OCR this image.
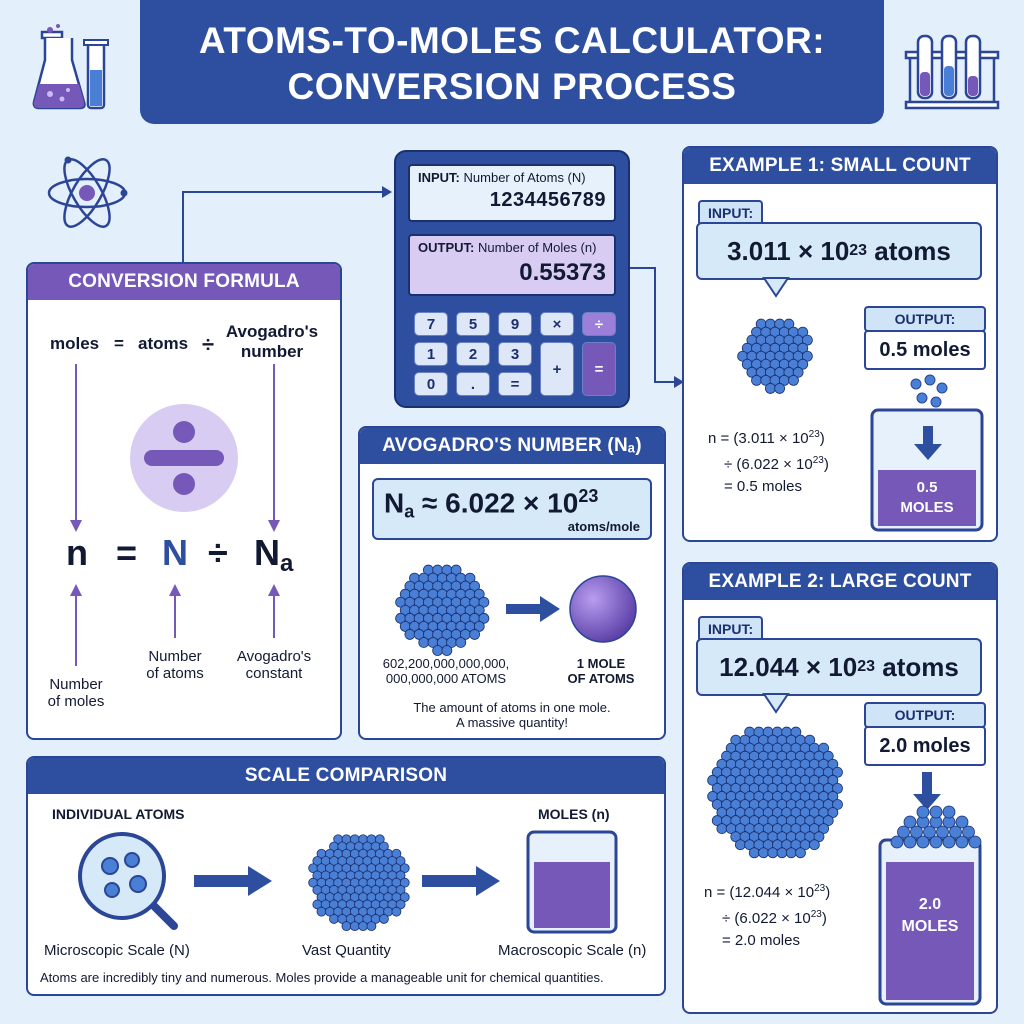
ATOMS-TO-MOLES CALCULATOR:
CONVERSION PROCESS
INPUT: Number of Atoms (N)
1234456789
OUTPUT: Number of Moles (n)
0.55373
7	5	9	×	÷
1	2	3
+	=
0	.	=
CONVERSION FORMULA
moles = atoms ÷
Avogadro's
number
n = N ÷ Na
Number
of moles
Number
of atoms
Avogadro's
constant
AVOGADRO'S NUMBER (Nₐ)
$Na \approx 6.022 \times 10^{23}$
atoms/mole
602,200,000,000,000,
000,000,000 ATOMS
1 MOLE
OF ATOMS
The amount of atoms in one mole.
A massive quantity!
EXAMPLE 1: SMALL COUNT
INPUT:
3.011 × 10 23 atoms
OUTPUT:
0.5 moles
$n = (3.011 \times 10^{23})$
÷ $(6.022 \times 10^{23})$
= 0.5 moles	0.5
MOLES
EXAMPLE 2: LARGE COUNT
INPUT:
12.044 × 10 23 atoms
OUTPUT:
2.0 moles
$n = (12.044 \times 10^{23})$
÷ $(6.022 \times 10^{23})$
= 2.0 moles
2.0
MOLES
SCALE COMPARISON
INDIVIDUAL ATOMS	MOLES (n)
Microscopic Scale (N)	Vast Quantity	Macroscopic Scale (n)
Atoms are incredibly tiny and numerous. Moles provide a manageable unit for chemical quantities.
